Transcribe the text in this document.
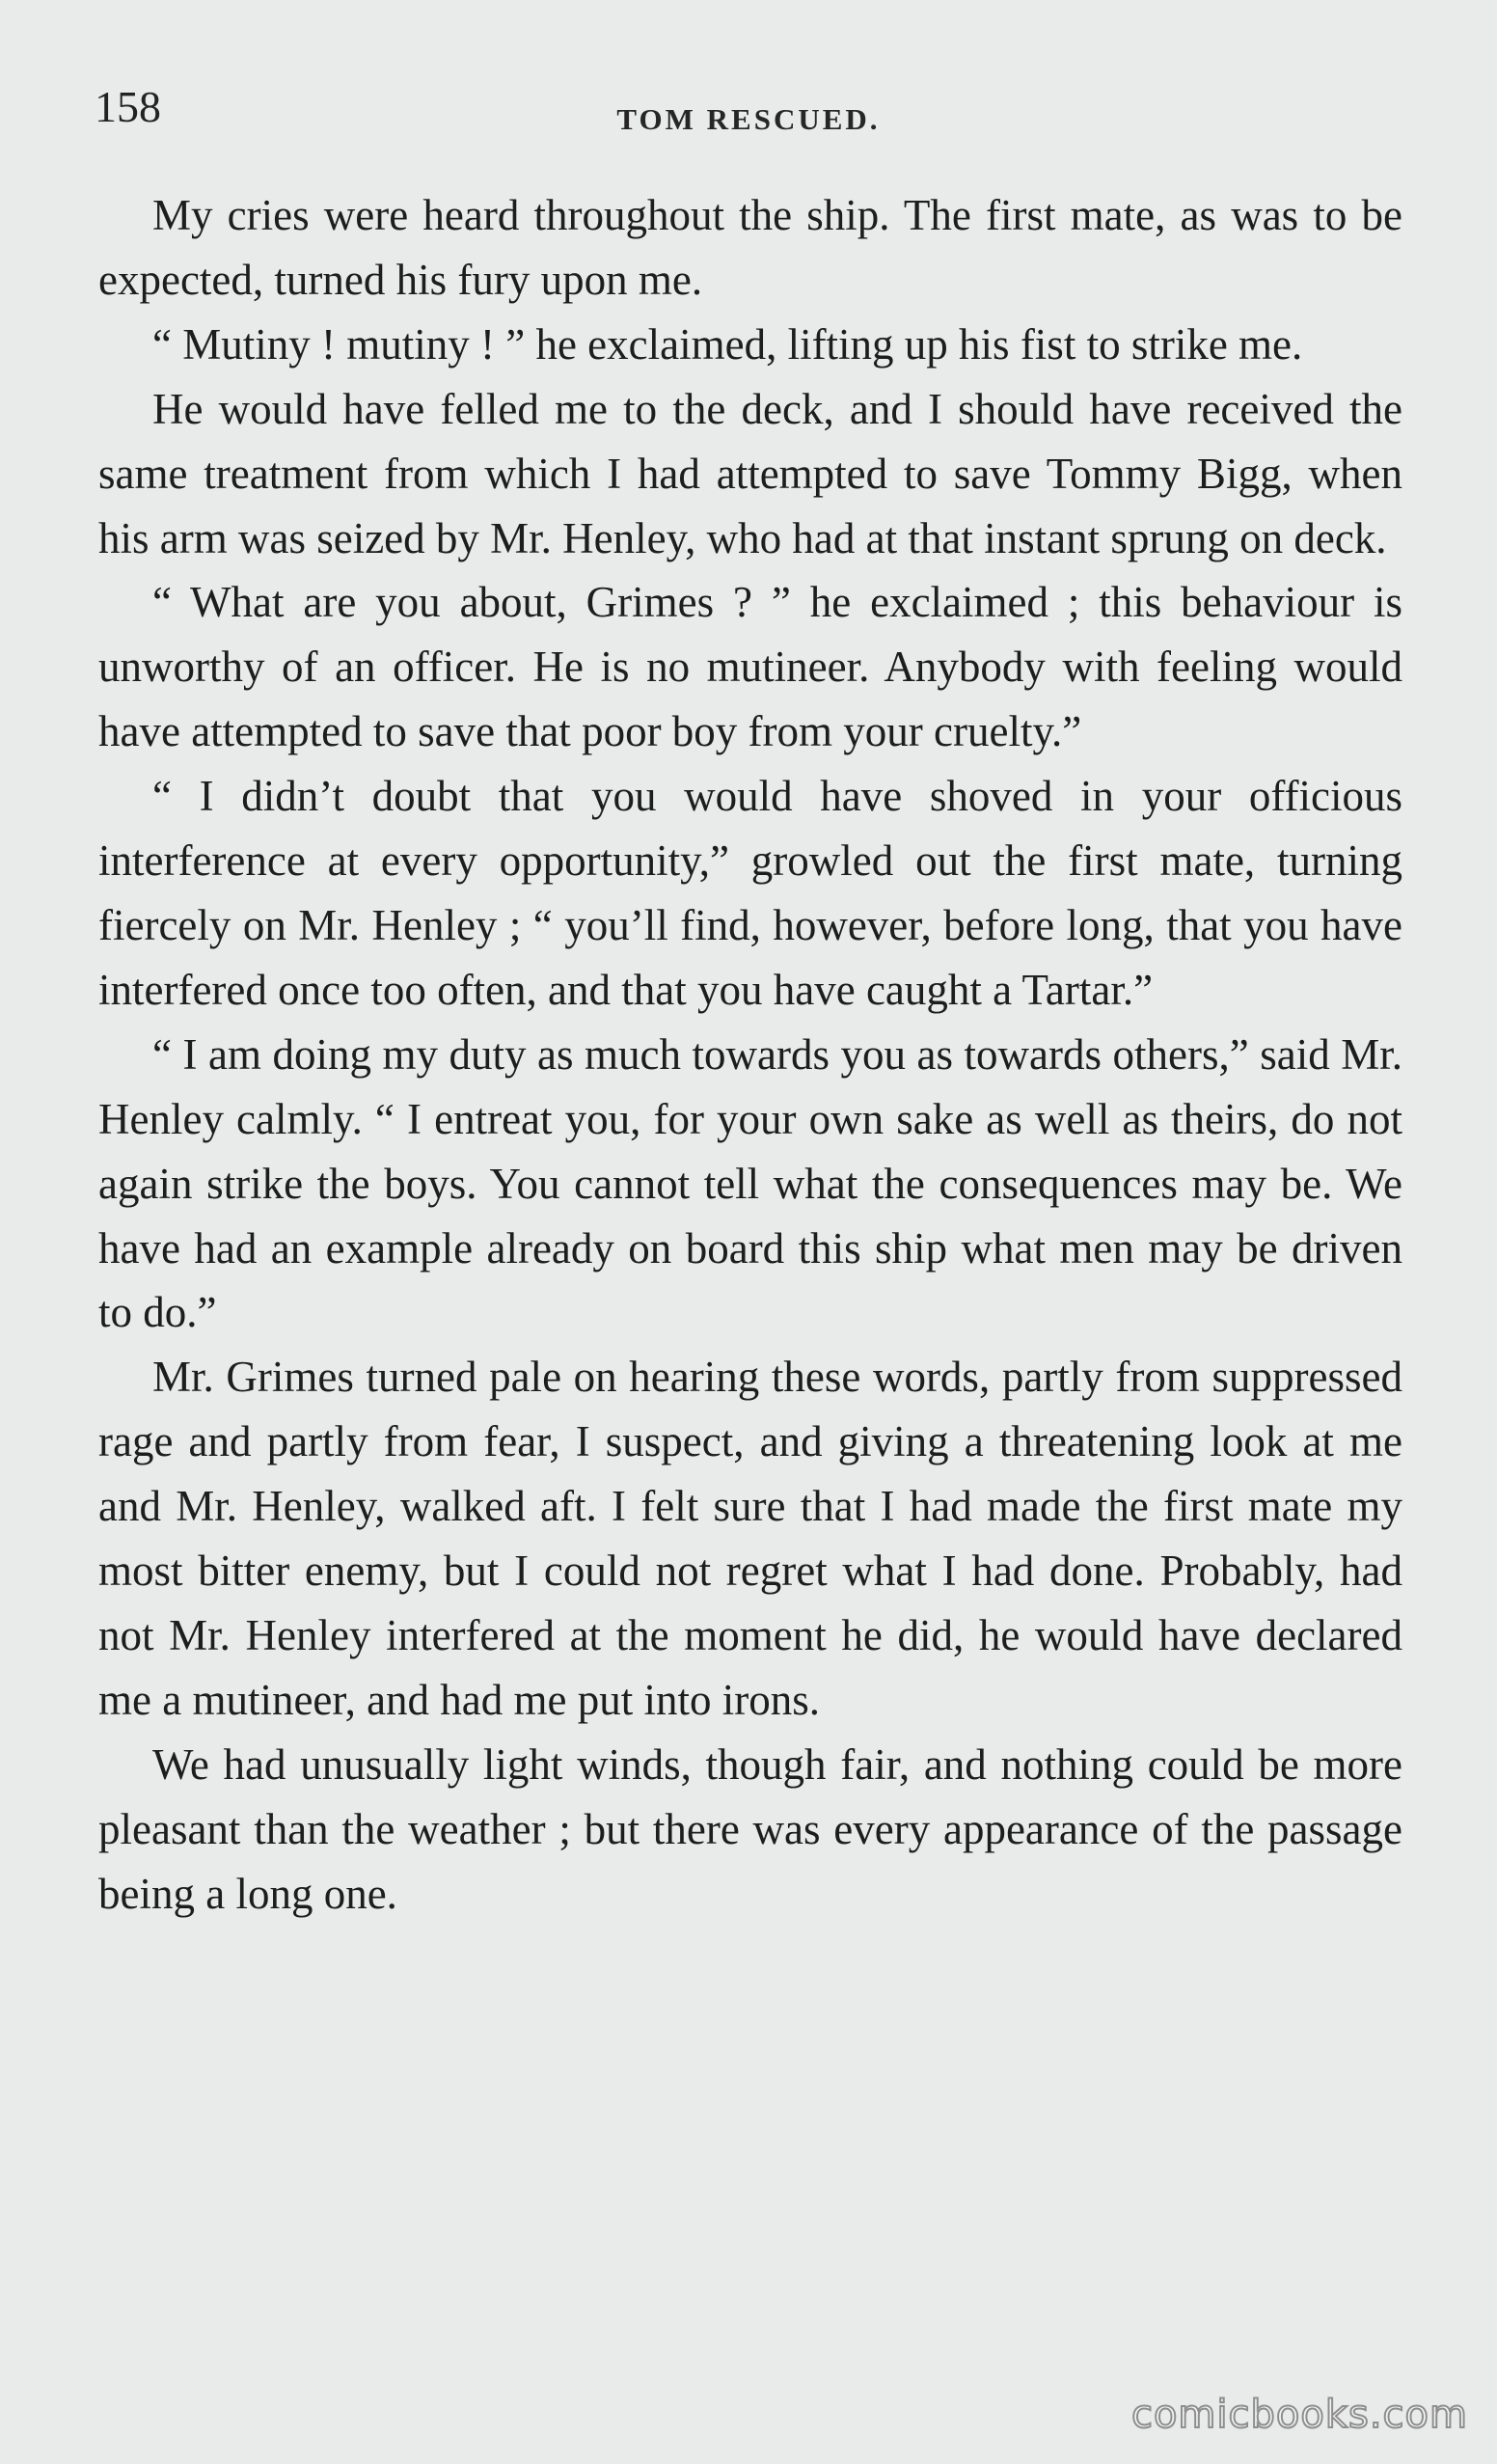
158	TOM RESCUED.

My cries were heard throughout the ship. The first mate, as was to be expected, turned his fury upon me.

“ Mutiny ! mutiny ! ” he exclaimed, lifting up his fist to strike me.

He would have felled me to the deck, and I should have received the same treatment from which I had attempted to save Tommy Bigg, when his arm was seized by Mr. Henley, who had at that instant sprung on deck.

“ What are you about, Grimes ? ” he exclaimed ; this behaviour is unworthy of an officer. He is no mutineer. Anybody with feeling would have attempted to save that poor boy from your cruelty.”

“ I didn’t doubt that you would have shoved in your officious interference at every opportunity,” growled out the first mate, turning fiercely on Mr. Henley ; “ you’ll find, however, before long, that you have interfered once too often, and that you have caught a Tartar.”

“ I am doing my duty as much towards you as towards others,” said Mr. Henley calmly. “ I entreat you, for your own sake as well as theirs, do not again strike the boys. You cannot tell what the consequences may be. We have had an example already on board this ship what men may be driven to do.”

Mr. Grimes turned pale on hearing these words, partly from suppressed rage and partly from fear, I suspect, and giving a threatening look at me and Mr. Henley, walked aft. I felt sure that I had made the first mate my most bitter enemy, but I could not regret what I had done. Probably, had not Mr. Henley interfered at the moment he did, he would have declared me a mutineer, and had me put into irons.

We had unusually light winds, though fair, and nothing could be more pleasant than the weather ; but there was every appearance of the passage being a long one.

comicbooks.com
